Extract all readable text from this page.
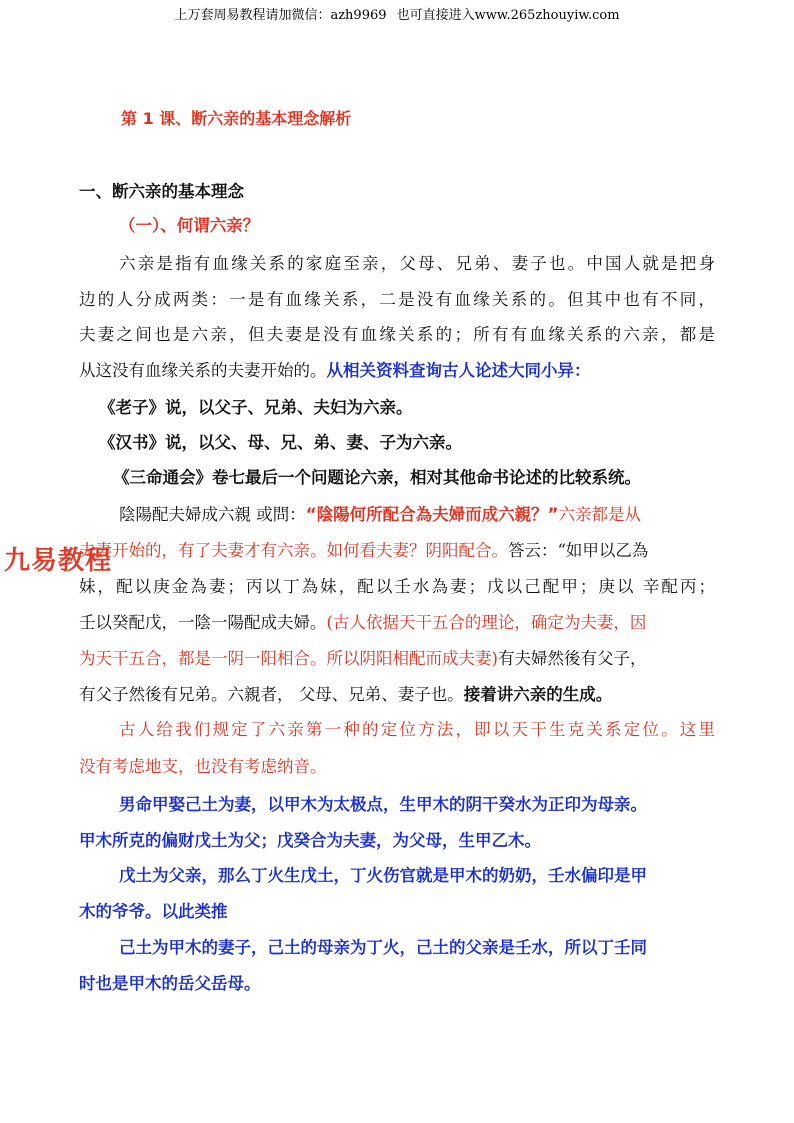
上万套周易教程请加微信：azh9969 也可直接进入www.265zhouyiw.com
第 1 课、断六亲的基本理念解析
一、断六亲的基本理念
（一）、何谓六亲？
六亲是指有血缘关系的家庭至亲，父母、兄弟、妻子也。中国人就是把身
边的人分成两类：一是有血缘关系，二是没有血缘关系的。但其中也有不同，
夫妻之间也是六亲，但夫妻是没有血缘关系的；所有有血缘关系的六亲，都是
从这没有血缘关系的夫妻开始的。从相关资料查询古人论述大同小异：
《老子》说，以父子、兄弟、夫妇为六亲。
《汉书》说，以父、母、兄、弟、妻、子为六亲。
《三命通会》卷七最后一个问题论六亲，相对其他命书论述的比较系统。
陰陽配夫婦成六親 或問：“陰陽何所配合為夫婦而成六親？”六亲都是从
夫妻开始的，有了夫妻才有六亲。如何看夫妻？阴阳配合。答云：“如甲以乙為
妹，配以庚金為妻；丙以丁為妹，配以壬水為妻；戊以己配甲；庚以 辛配丙；
壬以癸配戊，一陰一陽配成夫婦。(古人依据天干五合的理论，确定为夫妻，因
为天干五合，都是一阴一阳相合。所以阴阳相配而成夫妻)有夫婦然後有父子，
有父子然後有兄弟。六親者， 父母、兄弟、妻子也。接着讲六亲的生成。
古人给我们规定了六亲第一种的定位方法，即以天干生克关系定位。这里
没有考虑地支，也没有考虑纳音。
男命甲娶己土为妻，以甲木为太极点，生甲木的阴干癸水为正印为母亲。
甲木所克的偏财戊土为父；戊癸合为夫妻，为父母，生甲乙木。
戊土为父亲，那么丁火生戊土，丁火伤官就是甲木的奶奶，壬水偏印是甲
木的爷爷。以此类推
己土为甲木的妻子，己土的母亲为丁火，己土的父亲是壬水，所以丁壬同
时也是甲木的岳父岳母。
九易教程
